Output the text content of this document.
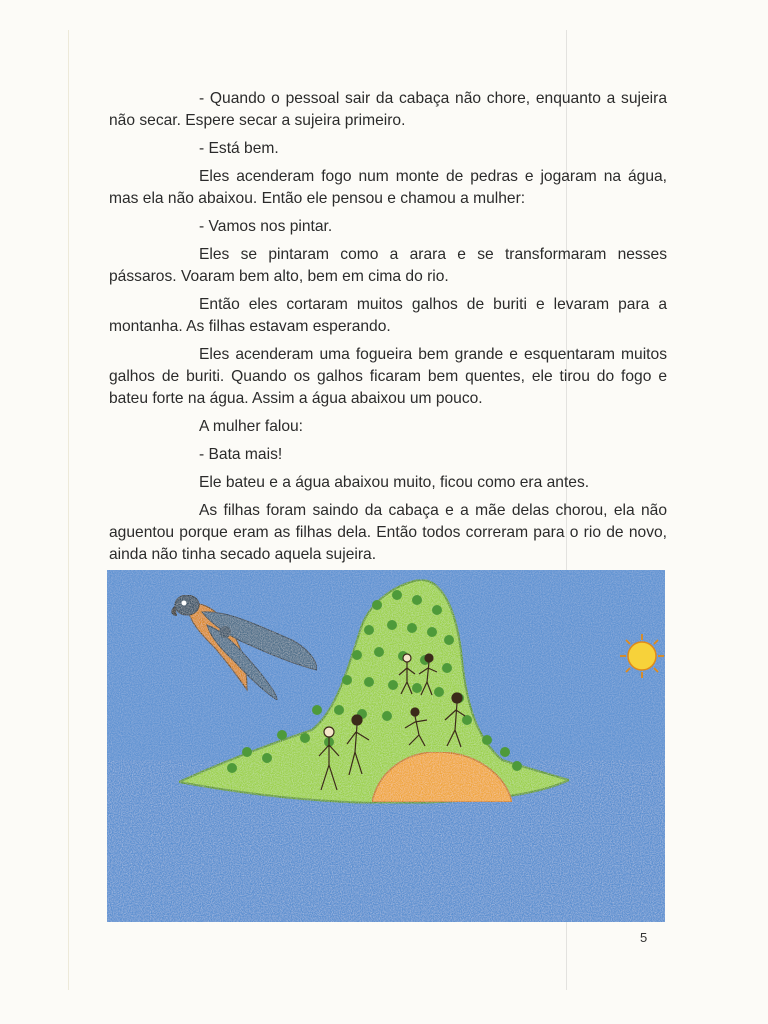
- Quando o pessoal sair da cabaça não chore, enquanto a sujeira não secar. Espere secar a sujeira primeiro.

- Está bem.

Eles acenderam fogo num monte de pedras e jogaram na água, mas ela não abaixou. Então ele pensou e chamou a mulher:

- Vamos nos pintar.

Eles se pintaram como a arara e se transformaram nesses pássaros. Voaram bem alto, bem em cima do rio.

Então eles cortaram muitos galhos de buriti e levaram para a montanha. As filhas estavam esperando.

Eles acenderam uma fogueira bem grande e esquentaram muitos galhos de buriti. Quando os galhos ficaram bem quentes, ele tirou do fogo e bateu forte na água. Assim a água abaixou um pouco.

A mulher falou:

- Bata mais!

Ele bateu e a água abaixou muito, ficou como era antes.

As filhas foram saindo da cabaça e a mãe delas chorou, ela não aguentou porque eram as filhas dela. Então todos correram para o rio de novo, ainda não tinha secado aquela sujeira.

5
